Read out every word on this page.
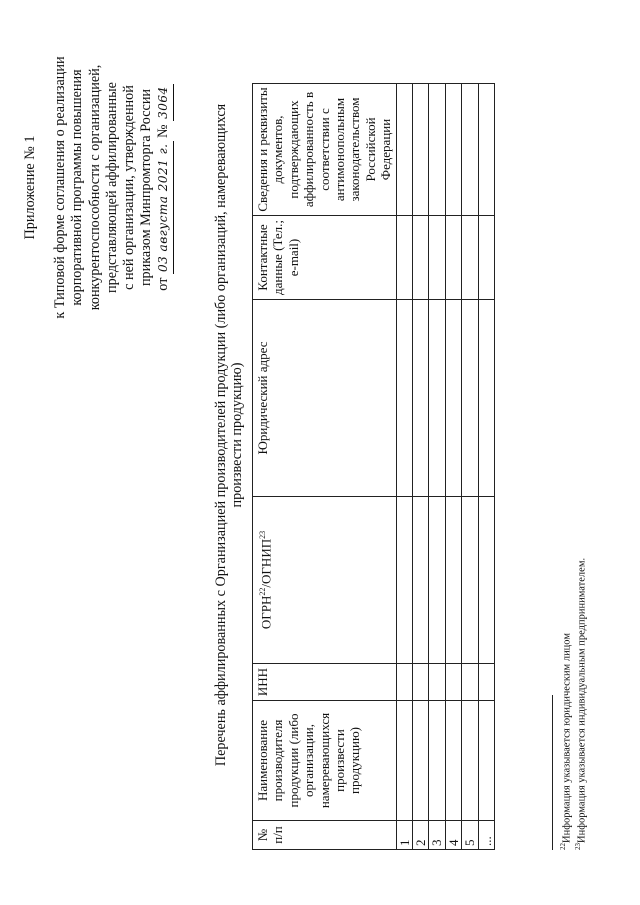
Приложение № 1 к Типовой форме соглашения о реализации корпоративной программы повышения конкурентоспособности с организацией, представляющей аффилированные с ней организации, утвержденной приказом Минпромторга России от 03 августа 2021 г. № 3064
Перечень аффилированных с Организацией производителей продукции (либо организаций, намеревающихся произвести продукцию)
№ п/п	Наименование производителя продукции (либо организации, намеревающихся произвести продукцию)	ИНН	ОГРН$^{22}$/ОГНИП$^{23}$	Юридический адрес	Контактные данные (Тел.; e-mail)	Сведения и реквизиты документов, подтверждающих аффилированность в соответствии с антимонопольным законодательством Российской Федерации
1						
2						
3						
4						
5						
...						
$^{22}$Информация указывается юридическим лицом
$^{23}$Информация указывается индивидуальным предпринимателем.
